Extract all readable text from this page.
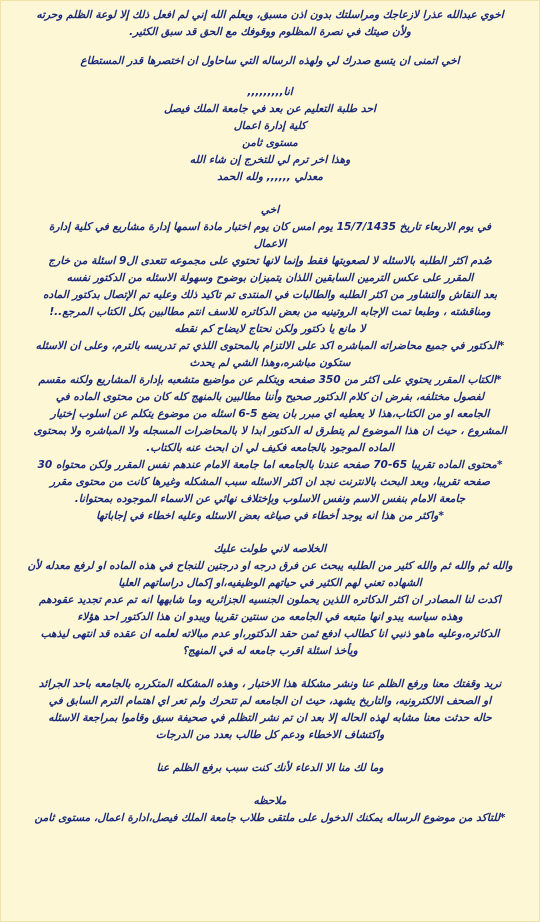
اخوي عبدالله عذرا لازعاجك ومراسلتك بدون اذن مسبق، ويعلم الله إني لم افعل ذلك إلا لوعة الظلم وحرته

ولأن صيتك في نصرة المظلوم ووقوفك مع الحق قد سبق الكثير.

اخي اتمنى ان يتسع صدرك لي ولهذه الرساله التي ساحاول ان اختصرها قدر المستطاع

انا,,,,,,,,,

احد طلبة التعليم عن بعد في جامعة الملك فيصل

كلية إدارة اعمال

مستوى ثامن

وهذا اخر ترم لي للتخرج إن شاء الله

معدلي ,,,,,, ولله الحمد

اخي

في يوم الاربعاء تاريخ 15/7/1435 يوم امس كان يوم اختبار مادة اسمها إدارة مشاريع في كلية إدارة

الاعمال

صُدم اكثر الطلبه بالاسئله لا لصعوبتها فقط وإنما لانها تحتوي على مجموعه تتعدى ال9 اسئلة من خارج

المقرر على عكس الترمين السابقين اللذان يتميزان بوضوح وسهولة الاسئله من الدكتور نفسه

بعد النقاش والتشاور من اكثر الطلبه والطالبات في المنتدى تم تاكيد ذلك وعليه تم الإتصال بدكتور الماده

ومناقشته ، وطبعا تمت الإجابه الروتينيه من بعض الدكاتره للاسف انتم مطالبين بكل الكتاب المرجع..!

لا مانع يا دكتور ولكن نحتاج لايضاح كم نقطه

*الدكتور في جميع محاضراته المباشره اكد على الالتزام بالمحتوى اللذي تم تدريسه بالترم، وعلى ان الاسئله

ستكون مباشره،وهذا الشي لم يحدث

*الكتاب المقرر يحتوي على اكثر من 350 صفحه ويتكلم عن مواضيع متشعبه بإدارة المشاريع ولكنه مقسم

لفصول مختلفه، بفرض ان كلام الدكتور صحيح وأننا مطالبين بالمنهج كله كان من محتوى الماده في

الجامعه او من الكتاب،هذا لا يعطيه اي مبرر بان يضع 5-6 اسئله من موضوع يتكلم عن اسلوب إختيار

المشروع ، حيث ان هذا الموضوع لم يتطرق له الدكتور ابدا لا بالمحاضرات المسجله ولا المباشره ولا بمحتوى

الماده الموجود بالجامعه فكيف لي ان ابحث عنه بالكتاب.

*محتوى الماده تقريبا 65-70 صفحه عندنا بالجامعه اما جامعة الامام عندهم نفس المقرر ولكن محتواه 30

صفحه تقريبا، وبعد البحث بالانترنت نجد ان اكثر الاسئله سبب المشكله وغيرها كانت من محتوى مقرر

جامعة الامام بنفس الاسم ونفس الاسلوب وبإختلاف نهائي عن الاسماء الموجوده بمحتوانا.

*واكثر من هذا انه يوجد أخطاء في صياغه بعض الاسئله وعليه اخطاء في إجاباتها

الخلاصه لاني طولت عليك

والله ثم والله ثم والله كثير من الطلبه يبحث عن فرق درجه او درجتين للنجاح في هذه الماده او لرفع معدله لأن

الشهاده تعني لهم الكثير في حياتهم الوظيفيه،او إكمال دراساتهم العليا

اكدت لنا المصادر ان اكثر الدكاتره اللذين يحملون الجنسيه الجزائريه وما شابهها انه تم عدم تجديد عقودهم

وهذه سياسه يبدو انها متبعه في الجامعه من سنتين تقريبا ويبدو ان هذا الدكتور احد هؤلاء

الدكاتره،وعليه ماهو ذنبي انا كطالب ادفع ثمن حقد الدكتور،او عدم مبالاته لعلمه ان عقده قد انتهى ليذهب

ويأخذ اسئلة اقرب جامعه له في المنهج؟

نريد وقفتك معنا ورفع الظلم عنا ونشر مشكلة هذا الاختبار ، وهذه المشكله المتكرره بالجامعه باحد الجرائد

او الصحف الالكترونيه، والتاريخ يشهد، حيث ان الجامعه لم تتحرك ولم تعر اي اهتمام الترم السابق في

حاله حدثت معنا مشابه لهذه الحاله إلا بعد ان تم نشر التظلم في صحيفة سبق وقاموا بمراجعة الاسئله

واكتشاف الاخطاء ودعم كل طالب بعدد من الدرجات

وما لك منا الا الدعاء لأنك كنت سبب برفع الظلم عنا

ملاحظه

*للتاكد من موضوع الرساله يمكنك الدخول على ملتقى طلاب جامعة الملك فيصل،ادارة اعمال، مستوى ثامن
